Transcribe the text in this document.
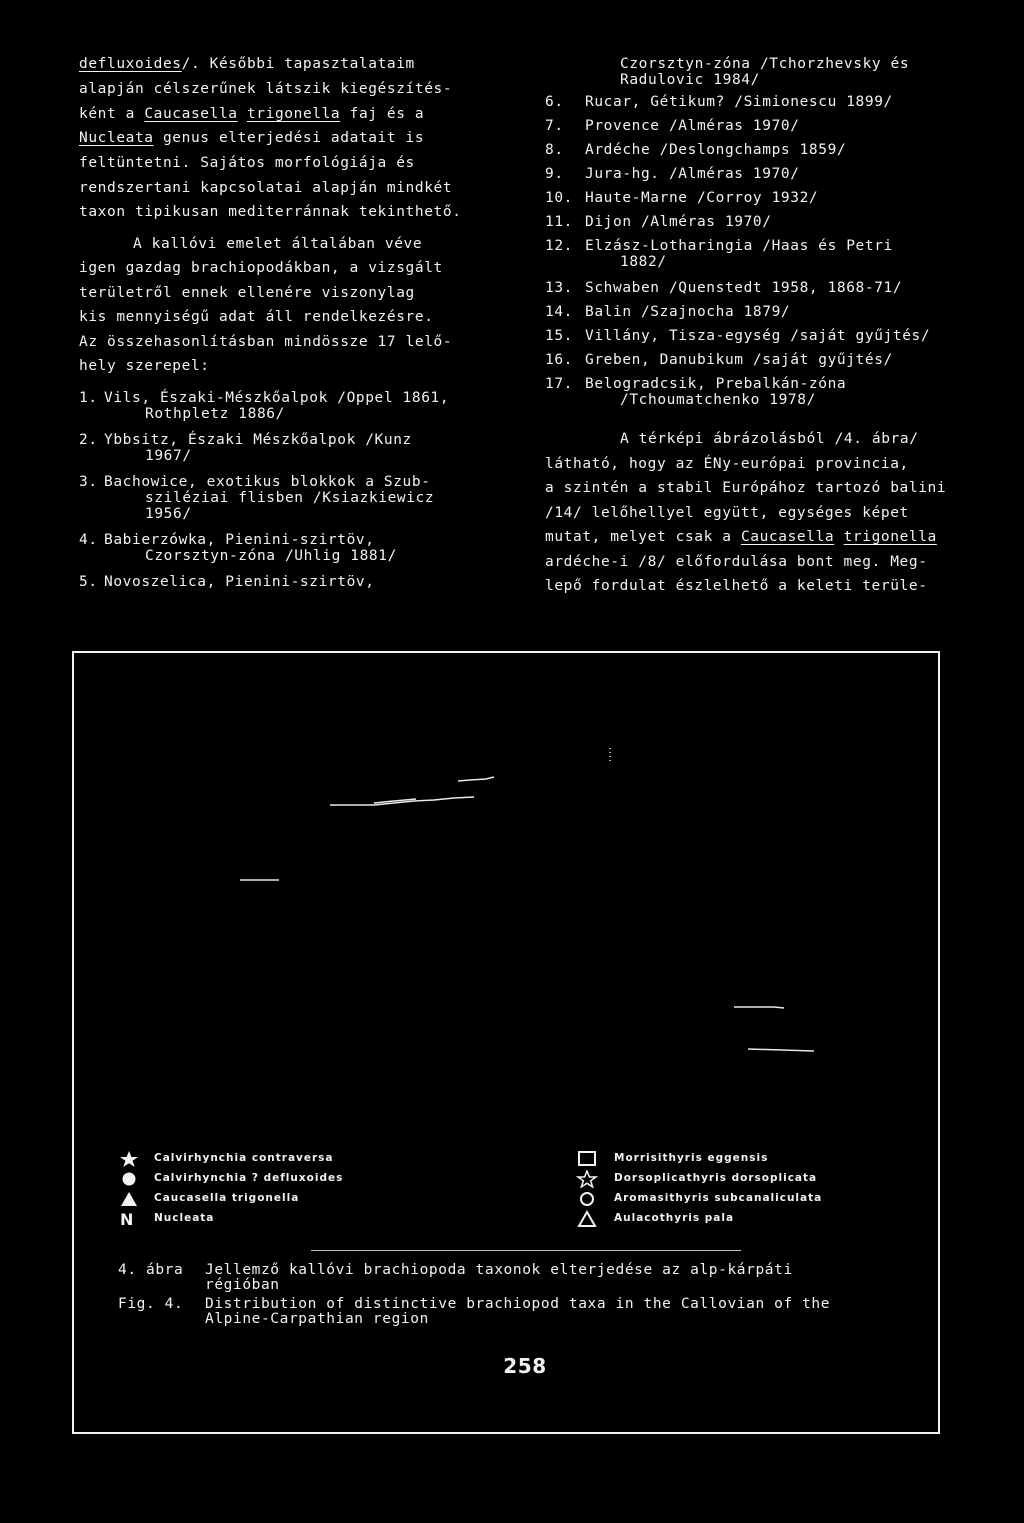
defluxoides/. Későbbi tapasztalataim
alapján célszerűnek látszik kiegészítés-
ként a Caucasella trigonella faj és a
Nucleata genus elterjedési adatait is
feltüntetni. Sajátos morfológiája és
rendszertani kapcsolatai alapján mindkét
taxon tipikusan mediterránnak tekinthető.
A kallóvi emelet általában véve
igen gazdag brachiopodákban, a vizsgált
területről ennek ellenére viszonylag
kis mennyiségű adat áll rendelkezésre.
Az összehasonlításban mindössze 17 lelő-
hely szerepel:
1. Vils, Északi-Mészkőalpok /Oppel 1861,
Rothpletz 1886/
2. Ybbsitz, Északi Mészkőalpok /Kunz
1967/
3. Bachowice, exotikus blokkok a Szub-
sziléziai flisben /Ksiazkiewicz
1956/
4. Babierzówka, Pienini-szirtöv,
Czorsztyn-zóna /Uhlig 1881/
5. Novoszelica, Pienini-szirtöv,
Czorsztyn-zóna /Tchorzhevsky és
Radulovic 1984/
6. Rucar, Gétikum? /Simionescu 1899/
7. Provence /Alméras 1970/
8. Ardéche /Deslongchamps 1859/
9. Jura-hg. /Alméras 1970/
10. Haute-Marne /Corroy 1932/
11. Dijon /Alméras 1970/
12. Elzász-Lotharingia /Haas és Petri
1882/
13. Schwaben /Quenstedt 1958, 1868-71/
14. Balin /Szajnocha 1879/
15. Villány, Tisza-egység /saját gyűjtés/
16. Greben, Danubikum /saját gyűjtés/
17. Belogradcsik, Prebalkán-zóna
/Tchoumatchenko 1978/
A térképi ábrázolásból /4. ábra/
látható, hogy az ÉNy-európai provincia,
a szintén a stabil Európához tartozó balini
/14/ lelőhellyel együtt, egységes képet
mutat, melyet csak a Caucasella trigonella
ardéche-i /8/ előfordulása bont meg. Meg-
lepő fordulat észlelhető a keleti terüle-
Calvirhynchia contraversa
Calvirhynchia ? defluxoides
Caucasella trigonella
N	Nucleata
Morrisithyris eggensis
Dorsoplicathyris dorsoplicata
Aromasithyris subcanaliculata
Aulacothyris pala
4. ábra Jellemző kallóvi brachiopoda taxonok elterjedése az alp-kárpáti
régióban
Fig. 4. Distribution of distinctive brachiopod taxa in the Callovian of the
Alpine-Carpathian region
258
